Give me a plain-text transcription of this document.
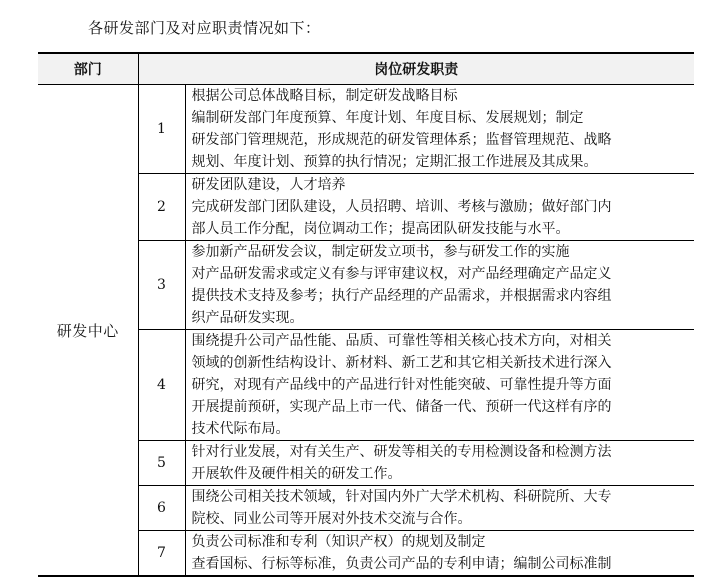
各研发部门及对应职责情况如下：
部门	岗位研发职责	
研发中心	1	根据公司总体战略目标，制定研发战略目标
编制研发部门年度预算、年度计划、年度目标、发展规划；制定
研发部门管理规范，形成规范的研发管理体系；监督管理规范、战略
规划、年度计划、预算的执行情况；定期汇报工作进展及其成果。

	2	研发团队建设，人才培养
完成研发部门团队建设，人员招聘、培训、考核与激励；做好部门内
部人员工作分配，岗位调动工作；提高团队研发技能与水平。

	3	参加新产品研发会议，制定研发立项书，参与研发工作的实施
对产品研发需求或定义有参与评审建议权，对产品经理确定产品定义
提供技术支持及参考；执行产品经理的产品需求，并根据需求内容组
织产品研发实现。

	4	围绕提升公司产品性能、品质、可靠性等相关核心技术方向，对相关
领域的创新性结构设计、新材料、新工艺和其它相关新技术进行深入
研究，对现有产品线中的产品进行针对性能突破、可靠性提升等方面
开展提前预研，实现产品上市一代、储备一代、预研一代这样有序的
技术代际布局。

	5	针对行业发展，对有关生产、研发等相关的专用检测设备和检测方法
开展软件及硬件相关的研发工作。

	6	围绕公司相关技术领域，针对国内外广大学术机构、科研院所、大专
院校、同业公司等开展对外技术交流与合作。

	7	负责公司标准和专利（知识产权）的规划及制定
查看国标、行标等标准，负责公司产品的专利申请；编制公司标准制
